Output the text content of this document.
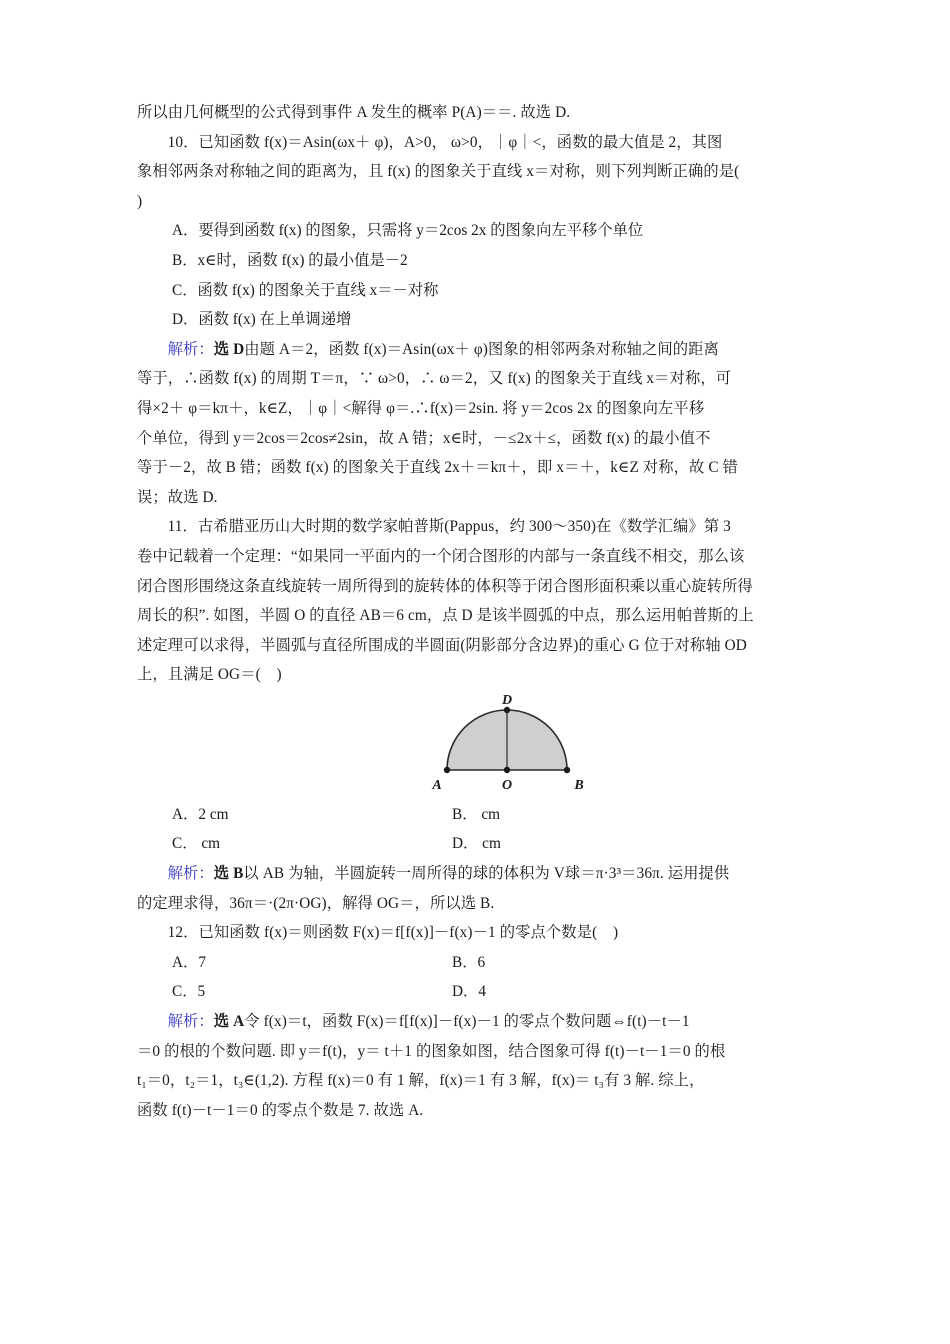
所以由几何概型的公式得到事件 A 发生的概率 P(A)＝＝. 故选 D.
10．已知函数 f(x)＝Asin(ωx＋ φ)，A>0， ω>0，｜φ｜<，函数的最大值是 2，其图
象相邻两条对称轴之间的距离为，且 f(x) 的图象关于直线 x＝对称，则下列判断正确的是(
)
A．要得到函数 f(x) 的图象，只需将 y＝2cos 2x 的图象向左平移个单位
B．x∈时，函数 f(x) 的最小值是－2
C．函数 f(x) 的图象关于直线 x＝－对称
D．函数 f(x) 在上单调递增
解析：选 D由题 A＝2，函数 f(x)＝Asin(ωx＋ φ)图象的相邻两条对称轴之间的距离
等于，∴函数 f(x) 的周期 T＝π，∵ ω>0，∴ ω＝2，又 f(x) 的图象关于直线 x＝对称，可
得×2＋ φ＝kπ＋，k∈Z，｜φ｜<解得 φ＝.∴f(x)＝2sin. 将 y＝2cos 2x 的图象向左平移
个单位，得到 y＝2cos＝2cos≠2sin，故 A 错；x∈时，－≤2x＋≤，函数 f(x) 的最小值不
等于－2，故 B 错；函数 f(x) 的图象关于直线 2x＋＝kπ＋，即 x＝＋，k∈Z 对称，故 C 错
误；故选 D.
11．古希腊亚历山大时期的数学家帕普斯(Pappus，约 300～350)在《数学汇编》第 3
卷中记载着一个定理：“如果同一平面内的一个闭合图形的内部与一条直线不相交，那么该
闭合图形围绕这条直线旋转一周所得到的旋转体的体积等于闭合图形面积乘以重心旋转所得
周长的积”. 如图，半圆 O 的直径 AB＝6 cm，点 D 是该半圆弧的中点，那么运用帕普斯的上
述定理可以求得，半圆弧与直径所围成的半圆面(阴影部分含边界)的重心 G 位于对称轴 OD
上，且满足 OG＝(    )
D
A	O	B
A．2 cm	B． cm
C． cm	D． cm
解析：选 B以 AB 为轴，半圆旋转一周所得的球的体积为 V球＝π·3³＝36π. 运用提供
的定理求得，36π＝·(2π·OG)，解得 OG＝，所以选 B.
12．已知函数 f(x)＝则函数 F(x)＝f[f(x)]－f(x)－1 的零点个数是(    )
A．7	B．6
C．5	D．4
解析：选 A令 f(x)＝t，函数 F(x)＝f[f(x)]－f(x)－1 的零点个数问题⇔f(t)－t－1
＝0 的根的个数问题. 即 y＝f(t)，y＝ t＋1 的图象如图，结合图象可得 f(t)－t－1＝0 的根
t₁＝0，t₂＝1，t₃∈(1,2). 方程 f(x)＝0 有 1 解，f(x)＝1 有 3 解，f(x)＝ t₃有 3 解. 综上，
函数 f(t)－t－1＝0 的零点个数是 7. 故选 A.
